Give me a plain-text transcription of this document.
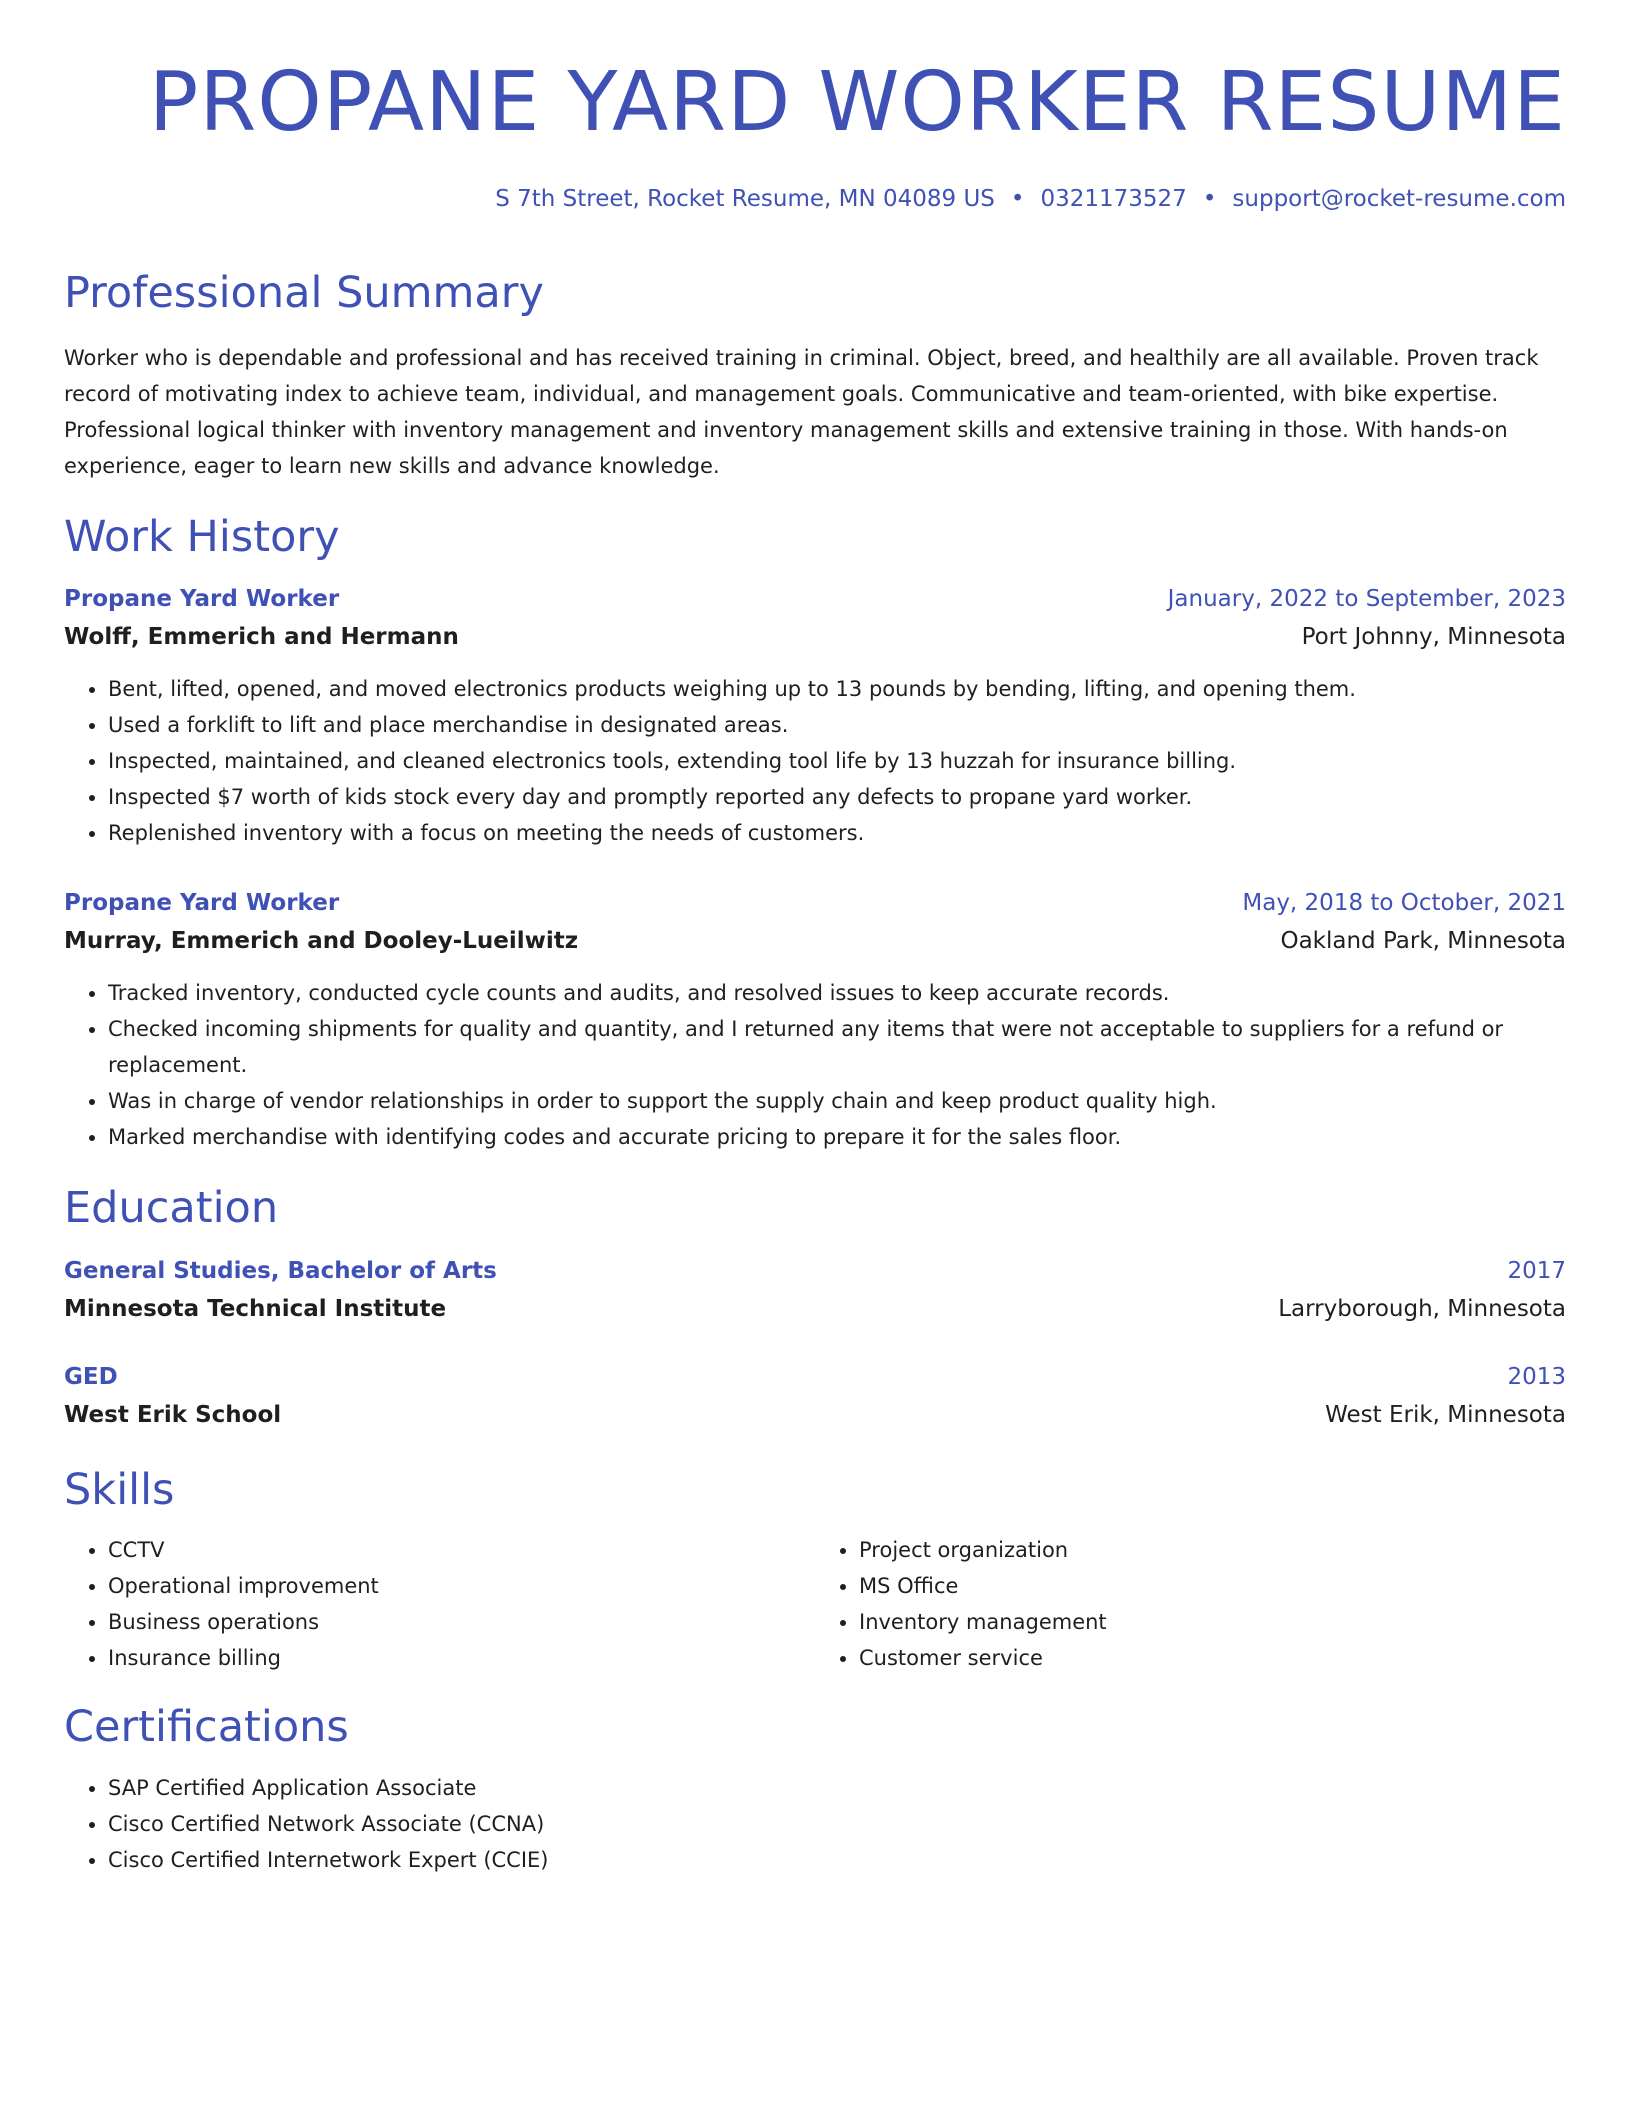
PROPANE YARD WORKER RESUME
S 7th Street, Rocket Resume, MN 04089 US • 0321173527 • support@rocket-resume.com
Professional Summary
Worker who is dependable and professional and has received training in criminal. Object, breed, and healthily are all available. Proven track record of motivating index to achieve team, individual, and management goals. Communicative and team-oriented, with bike expertise. Professional logical thinker with inventory management and inventory management skills and extensive training in those. With hands-on experience, eager to learn new skills and advance knowledge.
Work History
Propane Yard Worker	January, 2022 to September, 2023
Wolff, Emmerich and Hermann	Port Johnny, Minnesota
• Bent, lifted, opened, and moved electronics products weighing up to 13 pounds by bending, lifting, and opening them.
• Used a forklift to lift and place merchandise in designated areas.
• Inspected, maintained, and cleaned electronics tools, extending tool life by 13 huzzah for insurance billing.
• Inspected $7 worth of kids stock every day and promptly reported any defects to propane yard worker.
• Replenished inventory with a focus on meeting the needs of customers.
Propane Yard Worker	May, 2018 to October, 2021
Murray, Emmerich and Dooley-Lueilwitz	Oakland Park, Minnesota
• Tracked inventory, conducted cycle counts and audits, and resolved issues to keep accurate records.
• Checked incoming shipments for quality and quantity, and I returned any items that were not acceptable to suppliers for a refund or replacement.
• Was in charge of vendor relationships in order to support the supply chain and keep product quality high.
• Marked merchandise with identifying codes and accurate pricing to prepare it for the sales floor.
Education
General Studies, Bachelor of Arts	2017
Minnesota Technical Institute	Larryborough, Minnesota
GED	2013
West Erik School	West Erik, Minnesota
Skills
• CCTV
• Operational improvement
• Business operations
• Insurance billing
• Project organization
• MS Office
• Inventory management
• Customer service
Certifications
• SAP Certified Application Associate
• Cisco Certified Network Associate (CCNA)
• Cisco Certified Internetwork Expert (CCIE)
